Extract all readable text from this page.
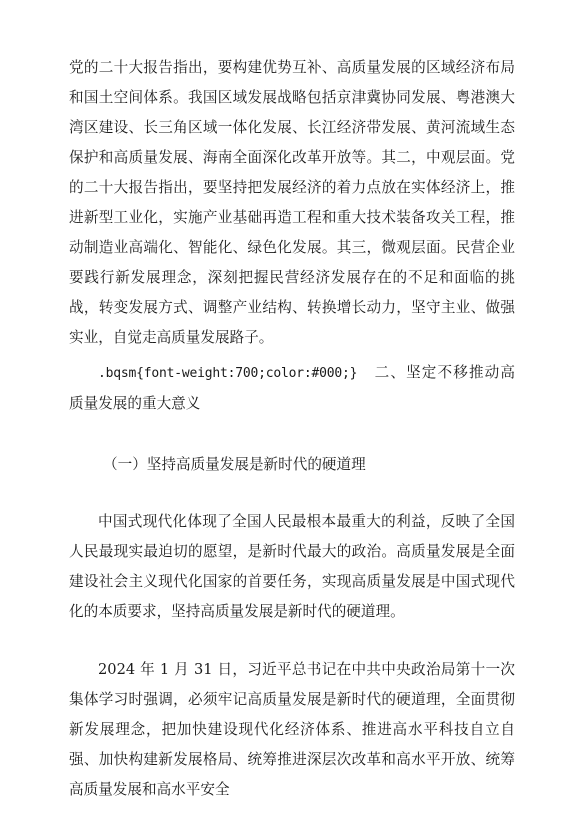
党的二十大报告指出，要构建优势互补、高质量发展的区域经济布局和国土空间体系。我国区域发展战略包括京津冀协同发展、粤港澳大湾区建设、长三角区域一体化发展、长江经济带发展、黄河流域生态保护和高质量发展、海南全面深化改革开放等。其二，中观层面。党的二十大报告指出，要坚持把发展经济的着力点放在实体经济上，推进新型工业化，实施产业基础再造工程和重大技术装备攻关工程，推动制造业高端化、智能化、绿色化发展。其三，微观层面。民营企业要践行新发展理念，深刻把握民营经济发展存在的不足和面临的挑战，转变发展方式、调整产业结构、转换增长动力，坚守主业、做强实业，自觉走高质量发展路子。

.bqsm{font-weight:700;color:#000;} 二、坚定不移推动高质量发展的重大意义

（一）坚持高质量发展是新时代的硬道理

中国式现代化体现了全国人民最根本最重大的利益，反映了全国人民最现实最迫切的愿望，是新时代最大的政治。高质量发展是全面建设社会主义现代化国家的首要任务，实现高质量发展是中国式现代化的本质要求，坚持高质量发展是新时代的硬道理。

2024 年 1 月 31 日，习近平总书记在中共中央政治局第十一次集体学习时强调，必须牢记高质量发展是新时代的硬道理，全面贯彻新发展理念，把加快建设现代化经济体系、推进高水平科技自立自强、加快构建新发展格局、统筹推进深层次改革和高水平开放、统筹高质量发展和高水平安全
